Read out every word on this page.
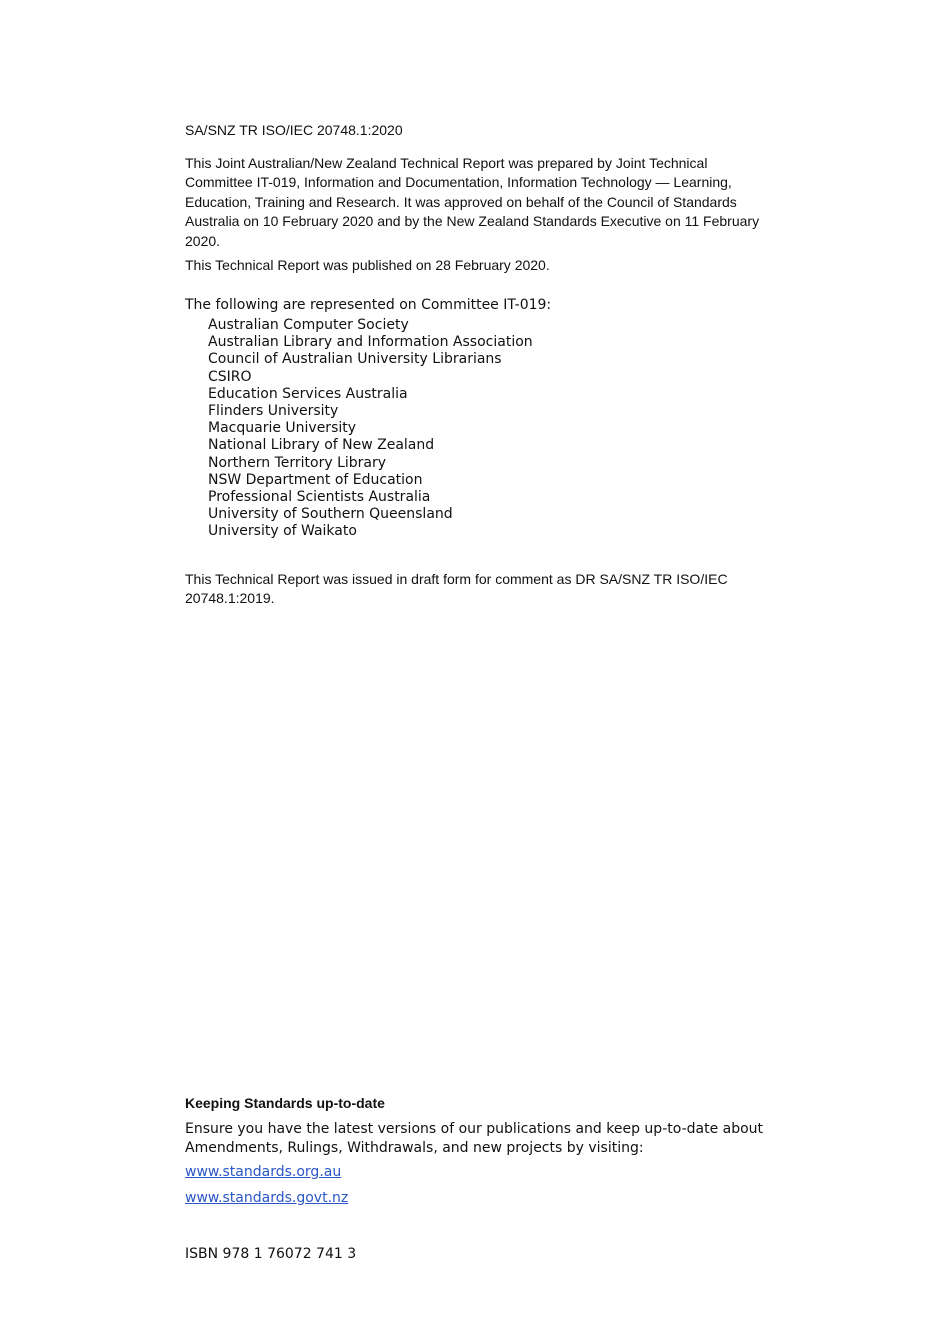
SA/SNZ TR ISO/IEC 20748.1:2020

This Joint Australian/New Zealand Technical Report was prepared by Joint Technical Committee IT-019, Information and Documentation, Information Technology — Learning, Education, Training and Research. It was approved on behalf of the Council of Standards Australia on 10 February 2020 and by the New Zealand Standards Executive on 11 February 2020.

This Technical Report was published on 28 February 2020.

The following are represented on Committee IT-019:

Australian Computer Society
Australian Library and Information Association
Council of Australian University Librarians
CSIRO
Education Services Australia
Flinders University
Macquarie University
National Library of New Zealand
Northern Territory Library
NSW Department of Education
Professional Scientists Australia
University of Southern Queensland
University of Waikato

This Technical Report was issued in draft form for comment as DR SA/SNZ TR ISO/IEC 20748.1:2019.

Keeping Standards up-to-date

Ensure you have the latest versions of our publications and keep up-to-date about Amendments, Rulings, Withdrawals, and new projects by visiting:

www.standards.org.au

www.standards.govt.nz

ISBN 978 1 76072 741 3
